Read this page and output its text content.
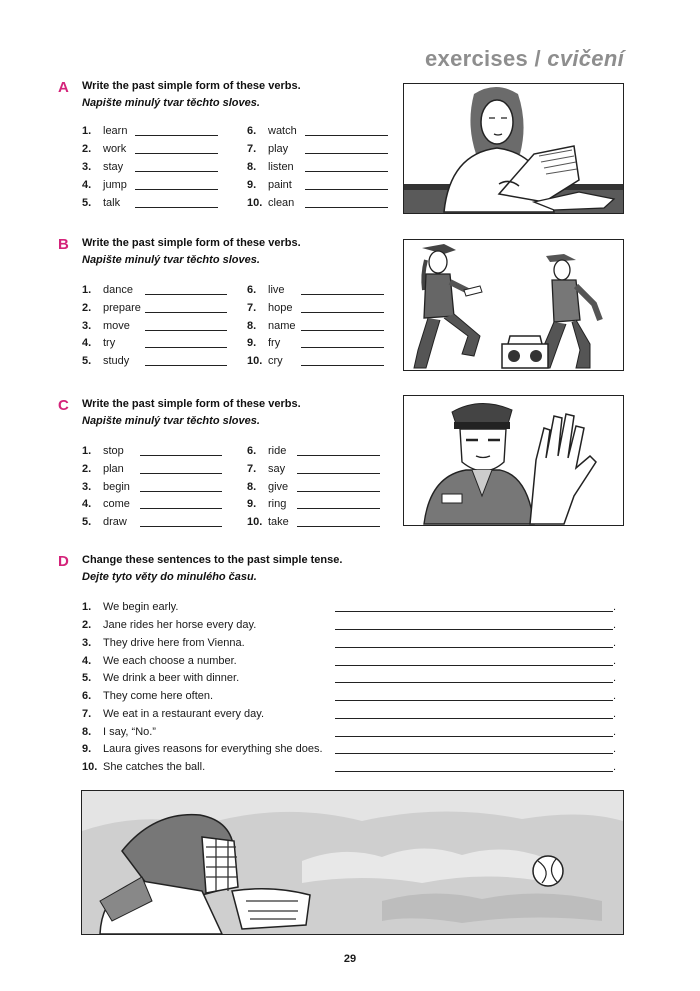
exercises / cvičení
A Write the past simple form of these verbs.
Napište minulý tvar těchto sloves.
1. learn
2. work
3. stay
4. jump
5. talk
6. watch
7. play
8. listen
9. paint
10. clean
B Write the past simple form of these verbs.
Napište minulý tvar těchto sloves.
1. dance
2. prepare
3. move
4. try
5. study
6. live
7. hope
8. name
9. fry
10. cry
C Write the past simple form of these verbs.
Napište minulý tvar těchto sloves.
1. stop
2. plan
3. begin
4. come
5. draw
6. ride
7. say
8. give
9. ring
10. take
D Change these sentences to the past simple tense.
Dejte tyto věty do minulého času.
1. We begin early.	.
2. Jane rides her horse every day.	.
3. They drive here from Vienna.	.
4. We each choose a number.	.
5. We drink a beer with dinner.	.
6. They come here often.	.
7. We eat in a restaurant every day.	.
8. I say, “No.”	.
9. Laura gives reasons for everything she does.	.
10. She catches the ball.	.
29
